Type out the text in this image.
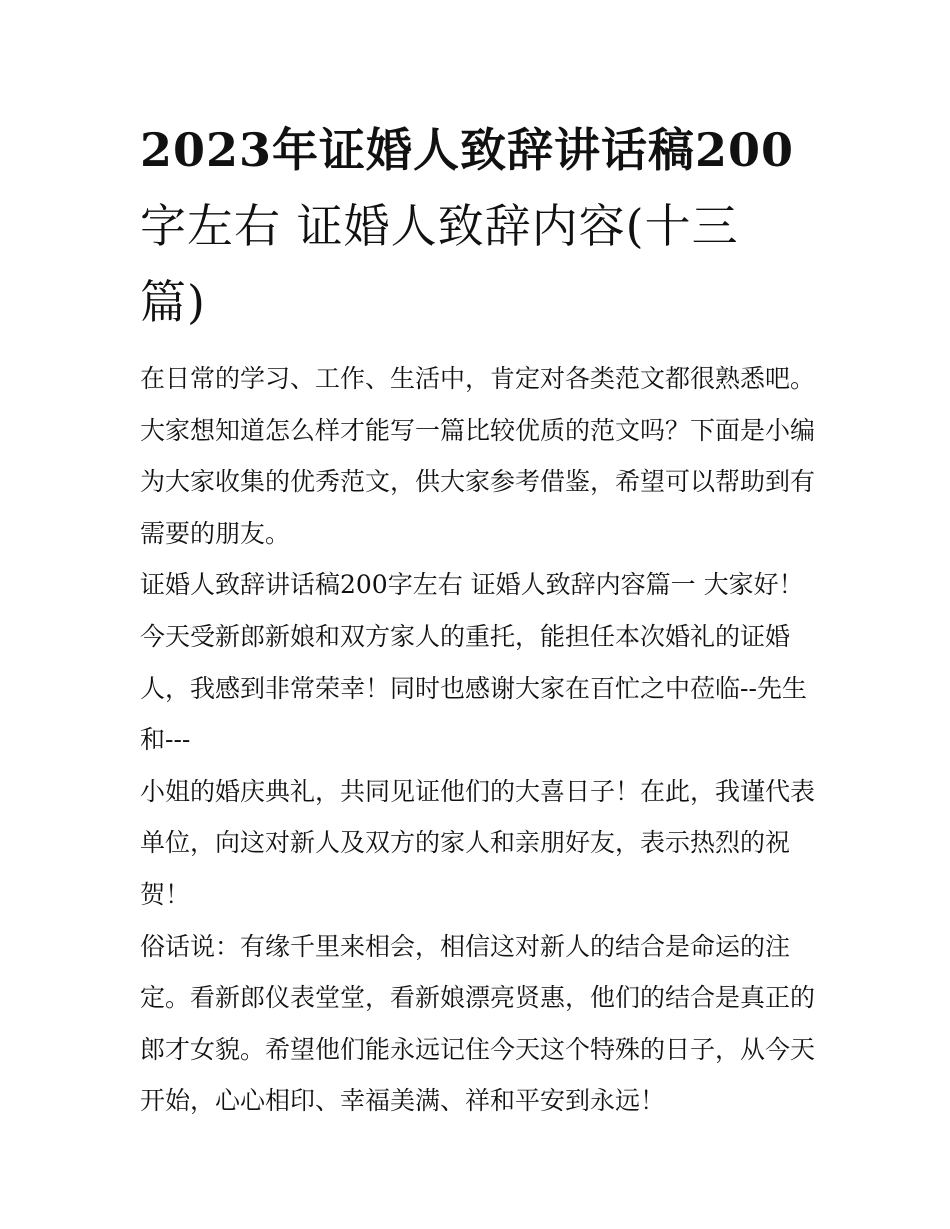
2023年证婚人致辞讲话稿200
字左右 证婚人致辞内容(十三
篇)
在日常的学习、工作、生活中，肯定对各类范文都很熟悉吧。
大家想知道怎么样才能写一篇比较优质的范文吗？下面是小编
为大家收集的优秀范文，供大家参考借鉴，希望可以帮助到有
需要的朋友。
证婚人致辞讲话稿200字左右 证婚人致辞内容篇一 大家好！
今天受新郎新娘和双方家人的重托，能担任本次婚礼的证婚
人，我感到非常荣幸！同时也感谢大家在百忙之中莅临--先生
和---
小姐的婚庆典礼，共同见证他们的大喜日子！在此，我谨代表
单位，向这对新人及双方的家人和亲朋好友，表示热烈的祝
贺！
俗话说：有缘千里来相会，相信这对新人的结合是命运的注
定。看新郎仪表堂堂，看新娘漂亮贤惠，他们的结合是真正的
郎才女貌。希望他们能永远记住今天这个特殊的日子，从今天
开始，心心相印、幸福美满、祥和平安到永远！
